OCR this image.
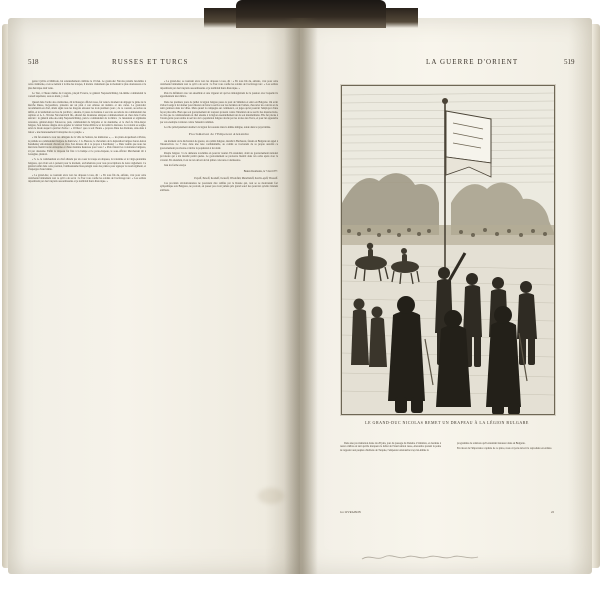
518	RUSSES ET TURCS

genre Cyrille et Méthode, fut solennellement célébrée le 18 mai. Le grand-duc Nicolas présida lui-même à cette cérémonie, et en se nettant à la tête des troupes, il montra clairement que le moment le plus douloureux et le plus héroïque était venu.

Le Tsar, à l'heure même du Congrès, plaçait Foreica, le général Nepokoïtchitsky, lui-même commandait le conseil supérieur, sous sa main, y avait.

Quand dans l'ordre des cérémonies, dit le Russgar officiel russe, fut venu le moment de dégager le génie de la marche Russe, Keyserdiew, présenta sur un plan à son Altesse un numéro et des cartes. Le grand-duc recommanda en chef, allant signé tous les dragons entourer les trois premiers jours ; de ce courant, au suivre au défilé, et le lendemain au bas du pavillon ; ensuite, il passa le martèau à ses trois escadrons du commandant des Apôtres et A. L. Nicolas Nicolaievitch fils, ehrend des monnaies antiques commencement en chez dans l'ordre suivant : le général aide-de-camp Nepokoïtchitsky, puis le commandant de la milice ; le lieutenant et régiments terrestres, général-major Salowzow, puis, commandant de brigades et de deuxième, et le chef de l'état-major bulgare, Son Altesse daigne alors appeler le vétéran Totleu Peltzow et lui remit la marteau. La volonté se soigne, selon le mode auquel a précisé d'avise : « O Dieu ! que ce soit l'heure » proposa Dieu des Romans, aide-dans à lancer « une heureusement l'entreprise de ce peuple. »

« On fut ensuite le tour des délégués de la ville de Samara, les mémoires », — les plans Arquebaud et Preiss, le prélude au commandant bulgare de Kieloww, J. G. Bessow, le chevaliers de la députation bulgare baron Aulon Katehenuy enfoncèrent chacun un clou. Son Altesse dit à ce propos à Katchanuy : « Dieu veuille que nous les marcions bientôt notre entreprise et d'une manière heureuse pour vous ! » Puis vinrent les volontaires bulgares, ici par douzaine. Enfin le drapeau fut fixé à la hampe et le porte-drapeau, le sous-officier Marchenski dit à Grougine, plantoit.

« S. A. le commandant en chef allanda par un coeur la troupe en drapeau, la troisième et le vingt-quatrième bulgares, qui criait son à présent pour le moment, exclamations pour tous proscriptions de notre règlement. Ce général remit dans cette position, l'enthousiasme Kuz-palegié reste des prières pour appuyer le noud régiment, et d'aspergea d'eau bénite.

« Le grand-duc, se tournant alors vers les drapeau à tous, dit : « En tous fils du, enfants, c'est pour cette cérémonie bénitement tout ce qu'il a de sacré : le Tsar vous confie les soldats de l'esclavage turc. « Les soldats répondirent par des bruyants assourdissants et je tremblait hurra historique. »

« Le grand-duc, se tournant alors vers les drapeau à tous, dit : « En tous fils du, enfants, c'est pour cette cérémonie bénitement tout ce qu'il a de sacré : le Tsar vous confie les soldats de l'esclavage turc. « Les soldats répondirent par des bruyants assourdissants et je tremblait hurra historique. »

Puis ils défilèrent avec un ensemble et une vigueur tel qui les témoignèrent de la passion avec laquelle ils appartiennent leur milice.

Dans les premiers jours de juillet la légion bulgare passa le pont de Simnitza et entra en Bulgarie. On avait d'abord songé à lui donner pour mission de faire la service sur les derrières de l'armée, d'escorter les convois et de tenir garnison dans les villes. Mais quand la campagne eut commencé, on jugea qu'on pourrait l'employer d'une façon plus utile. Bien que son gouvernement ait toujours protesté contre l'intention de se servir des insurrections, la côte que la commandaient en chef ensuite à la légion essentiellement un de son intermédiaire. Elle fut placée à l'avant-garde pour rendre le service de la population bulgare abolie par les écoles des Turcs, et pour lui apprendre par son exemple à résister contre l'ennemi commun.

Le rôle principalement destiné à la légion fut soutenu dans la même indigne, tende dans le pays intime.

Proclamation de l'Empereur Alexandre

Au moment où la déclaration de guerre, un comité bulgare, installé à Bucharest, faisait en Bulgarie un appel à l'insurrection. Le 7 mai, dans une note confidentielle, au comité se trouvarent de sa propre autorité ce gouvernement provisoire et invita la population à lui obéir.

Peuple bulgare ! ta le demeure toi-même en pouvoir tourné. En attendant, obéir au gouvernement national provisoire qui a été installé parmi queles. Le gouvernement se prononce bientôt dans ton ordre après avec la volonté. En attendant, il est de ton devoir de lui prêter concours et obéissance.

Issu les forme essaye

Bukan Roumanie, le 7 mai 1877.

Popoff, Panoff, Kostieff, Iwanoff, Wladofkil, Manchaïeff, Kavilo-ejeff, Wossoff.

Ces procédés révolutionnaires ne pouvaient être ratifiés par le Russie qui, tout se se montraient fort sympathique aux Bulgares, ne pouvait, en passer pas avoir jamais pris grand souci des pouvoirs qu'elle s'étaient attribués.

LA GUERRE D'ORIENT	519
LE GRAND-DUC NICOLAS REMET UN DRAPEAU À LA LÉGION BULGARE

Dans une proclamation datée du 28 juin, jour du passage du Danube à Simnitza, et destinée à rester célèbre en tant qu'elle marquera le début de l'intervention russe, Alexandre prenait la peine de rappeler aux peuples chrétiens de Turquie, l'empereur Alexandre traça lui-même la

programme de relations qu'il entendait instaurer dans en Bulgarie.

En raison de l'importance capitale de ce pièce, nous croyons devoir la reproduire en entière.

1re LIVRAISON	22
